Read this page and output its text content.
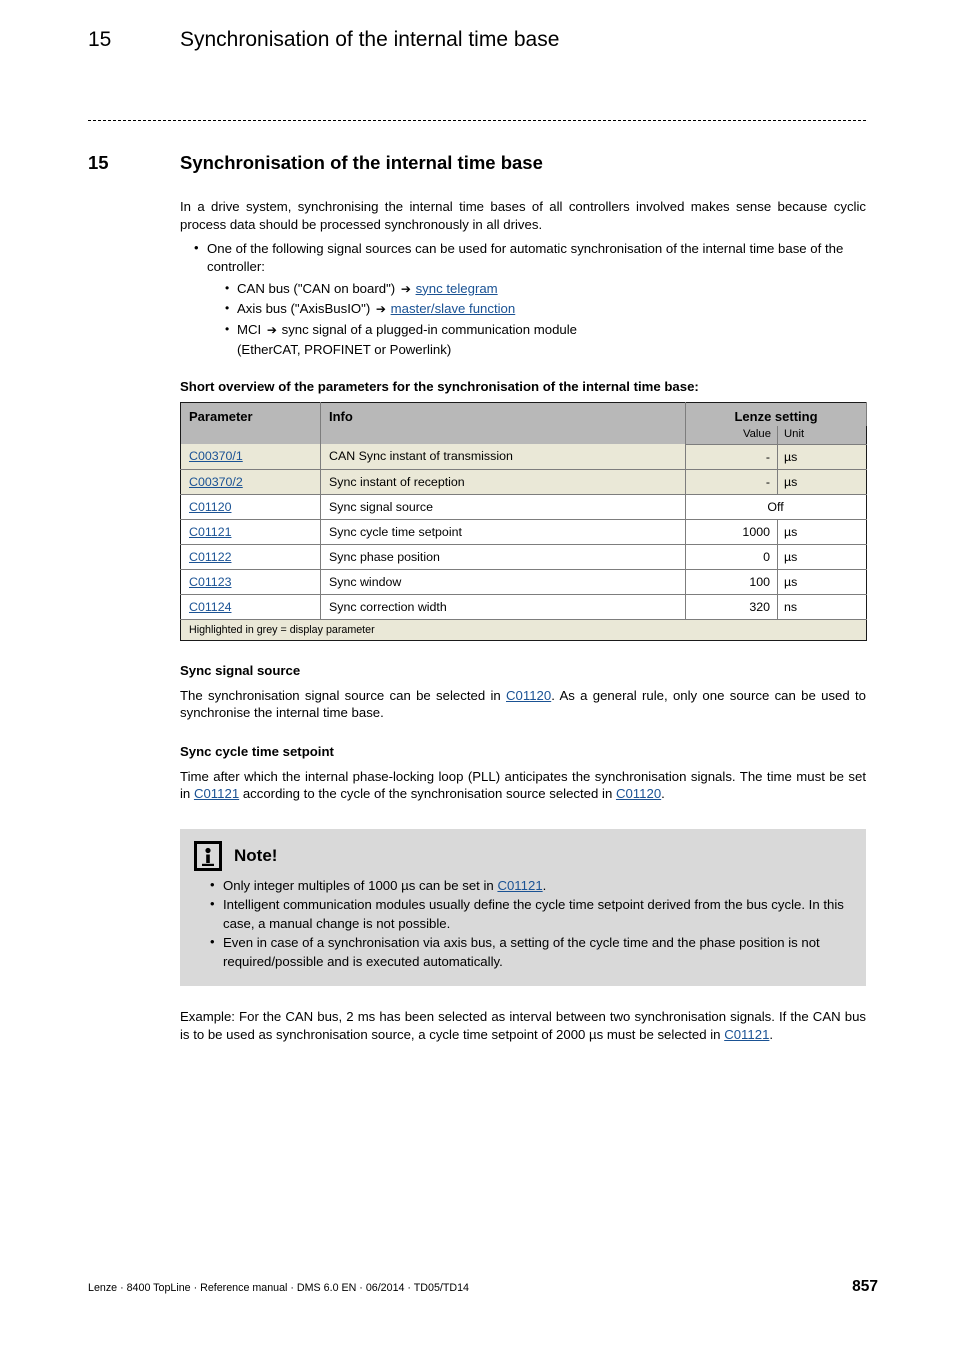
15	Synchronisation of the internal time base
15	Synchronisation of the internal time base

In a drive system, synchronising the internal time bases of all controllers involved makes sense because cyclic process data should be processed synchronously in all drives.

• One of the following signal sources can be used for automatic synchronisation of the internal time base of the controller:
• CAN bus ("CAN on board") ➔ sync telegram
• Axis bus ("AxisBusIO") ➔ master/slave function
• MCI ➔ sync signal of a plugged-in communication module
(EtherCAT, PROFINET or Powerlink)

Short overview of the parameters for the synchronisation of the internal time base:

Parameter	Info	Lenze setting	
		Value	Unit
C00370/1	CAN Sync instant of transmission	-	µs
C00370/2	Sync instant of reception	-	µs
C01120	Sync signal source	Off	
C01121	Sync cycle time setpoint	1000	µs
C01122	Sync phase position	0	µs
C01123	Sync window	100	µs
C01124	Sync correction width	320	ns
Highlighted in grey = display parameter			
Sync signal source

The synchronisation signal source can be selected in C01120. As a general rule, only one source can be used to synchronise the internal time base.

Sync cycle time setpoint

Time after which the internal phase-locking loop (PLL) anticipates the synchronisation signals. The time must be set in C01121 according to the cycle of the synchronisation source selected in C01120.

Note!
• Only integer multiples of 1000 µs can be set in C01121.
• Intelligent communication modules usually define the cycle time setpoint derived from the bus cycle. In this case, a manual change is not possible.
• Even in case of a synchronisation via axis bus, a setting of the cycle time and the phase position is not required/possible and is executed automatically.

Example: For the CAN bus, 2 ms has been selected as interval between two synchronisation signals. If the CAN bus is to be used as synchronisation source, a cycle time setpoint of 2000 µs must be selected in C01121.

Lenze · 8400 TopLine · Reference manual · DMS 6.0 EN · 06/2014 · TD05/TD14	857
